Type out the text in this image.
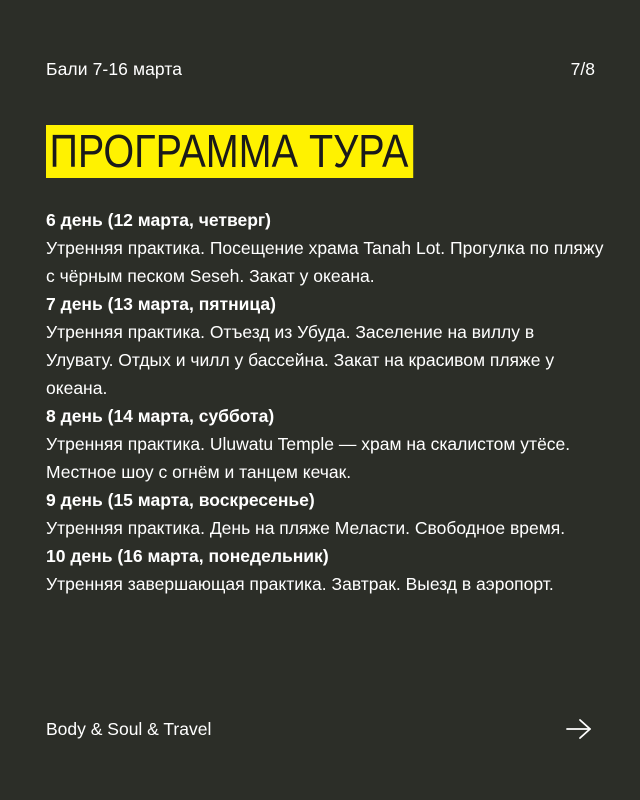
Бали 7-16 марта	7/8
ПРОГРАММА ТУРА
6 день (12 марта, четверг)
Утренняя практика. Посещение храма Tanah Lot. Прогулка по пляжу с чёрным песком Seseh. Закат у океана.
7 день (13 марта, пятница)
Утренняя практика. Отъезд из Убуда. Заселение на виллу в Улувату. Отдых и чилл у бассейна. Закат на красивом пляже у океана.
8 день (14 марта, суббота)
Утренняя практика. Uluwatu Temple — храм на скалистом утёсе. Местное шоу с огнём и танцем кечак.
9 день (15 марта, воскресенье)
Утренняя практика. День на пляже Меласти. Свободное время.
10 день (16 марта, понедельник)
Утренняя завершающая практика. Завтрак. Выезд в аэропорт.
Body & Soul & Travel
